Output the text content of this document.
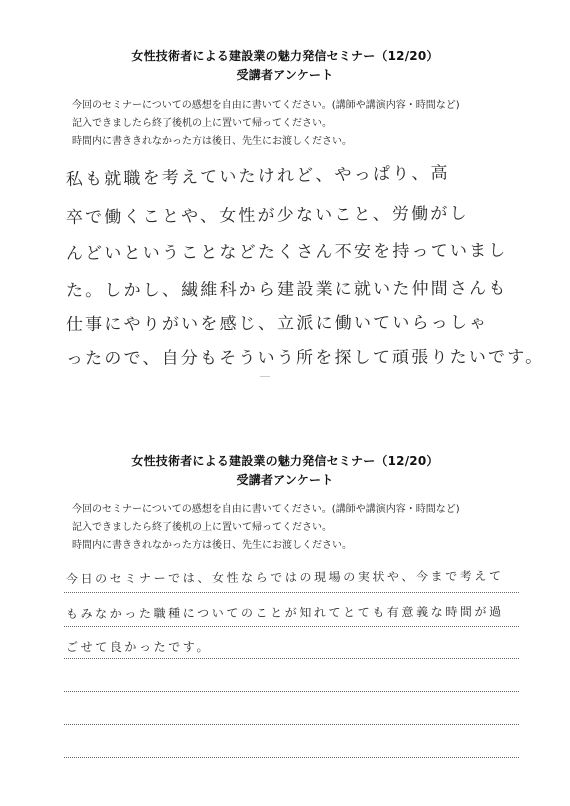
女性技術者による建設業の魅力発信セミナー（12/20）
受講者アンケート
今回のセミナーについての感想を自由に書いてください。(講師や講演内容・時間など)
記入できましたら終了後机の上に置いて帰ってください。
時間内に書ききれなかった方は後日、先生にお渡しください。
私も就職を考えていたけれど、やっぱり、高
卒で働くことや、女性が少ないこと、労働がし
んどいということなどたくさん不安を持っていまし
た。しかし、繊維科から建設業に就いた仲間さんも
仕事にやりがいを感じ、立派に働いていらっしゃ
ったので、自分もそういう所を探して頑張りたいです。
女性技術者による建設業の魅力発信セミナー（12/20）
受講者アンケート
今回のセミナーについての感想を自由に書いてください。(講師や講演内容・時間など)
記入できましたら終了後机の上に置いて帰ってください。
時間内に書ききれなかった方は後日、先生にお渡しください。
今日のセミナーでは、女性ならではの現場の実状や、今まで考えて
もみなかった職種についてのことが知れてとても有意義な時間が過
ごせて良かったです。
